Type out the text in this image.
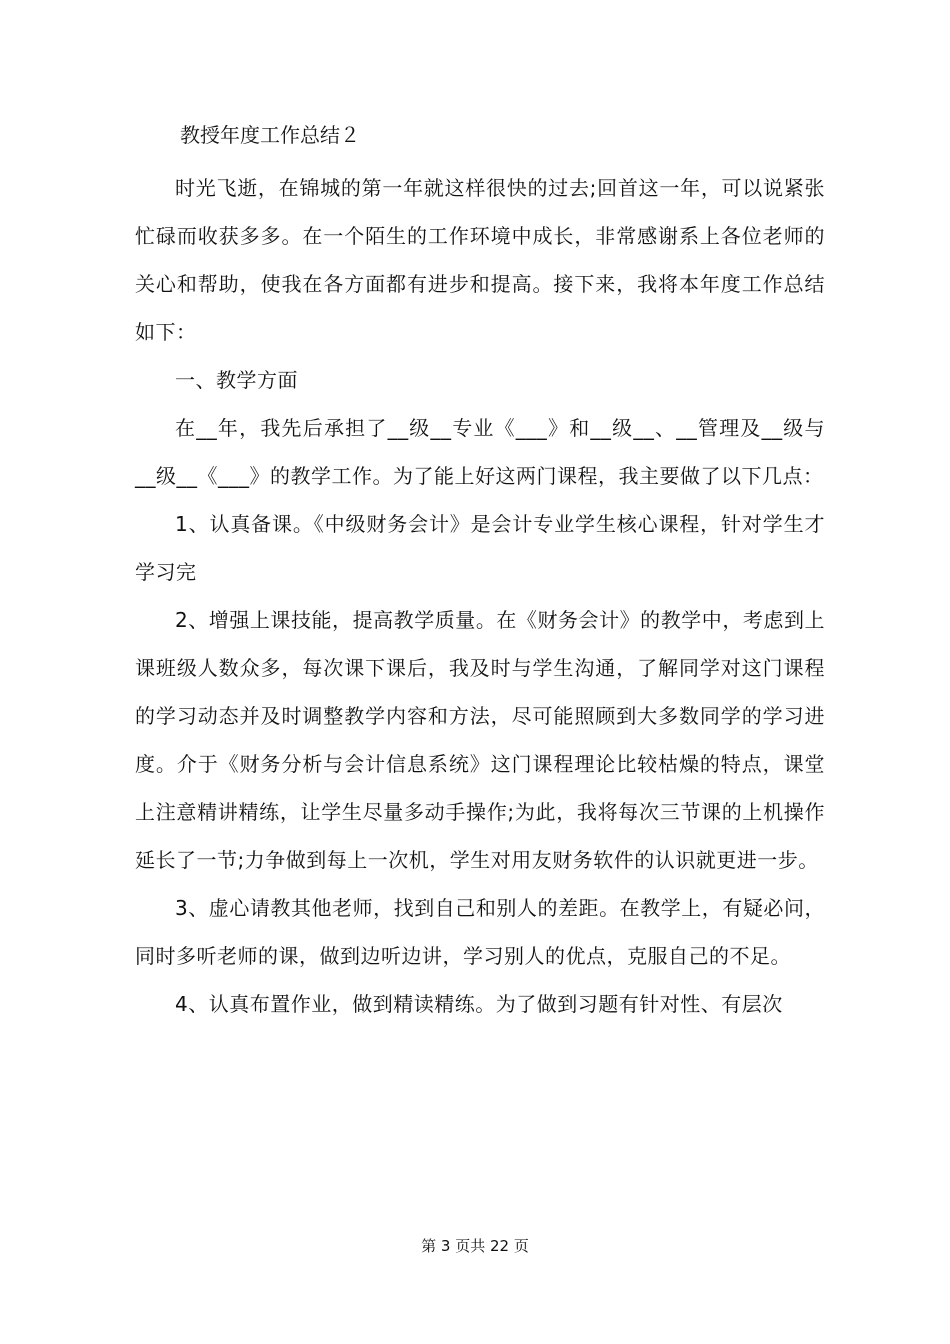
教授年度工作总结２

时光飞逝，在锦城的第一年就这样很快的过去;回首这一年，可以说紧张忙碌而收获多多。在一个陌生的工作环境中成长，非常感谢系上各位老师的关心和帮助，使我在各方面都有进步和提高。接下来，我将本年度工作总结如下：

一、教学方面

在__年，我先后承担了__级__专业《___》和__级__、__管理及__级与__级__《___》的教学工作。为了能上好这两门课程，我主要做了以下几点：

1、认真备课。《中级财务会计》是会计专业学生核心课程，针对学生才学习完

2、增强上课技能，提高教学质量。在《财务会计》的教学中，考虑到上课班级人数众多，每次课下课后，我及时与学生沟通，了解同学对这门课程的学习动态并及时调整教学内容和方法，尽可能照顾到大多数同学的学习进度。介于《财务分析与会计信息系统》这门课程理论比较枯燥的特点，课堂上注意精讲精练，让学生尽量多动手操作;为此，我将每次三节课的上机操作延长了一节;力争做到每上一次机，学生对用友财务软件的认识就更进一步。

3、虚心请教其他老师，找到自己和别人的差距。在教学上，有疑必问，同时多听老师的课，做到边听边讲，学习别人的优点，克服自己的不足。

4、认真布置作业，做到精读精练。为了做到习题有针对性、有层次

第 3 页共 22 页
